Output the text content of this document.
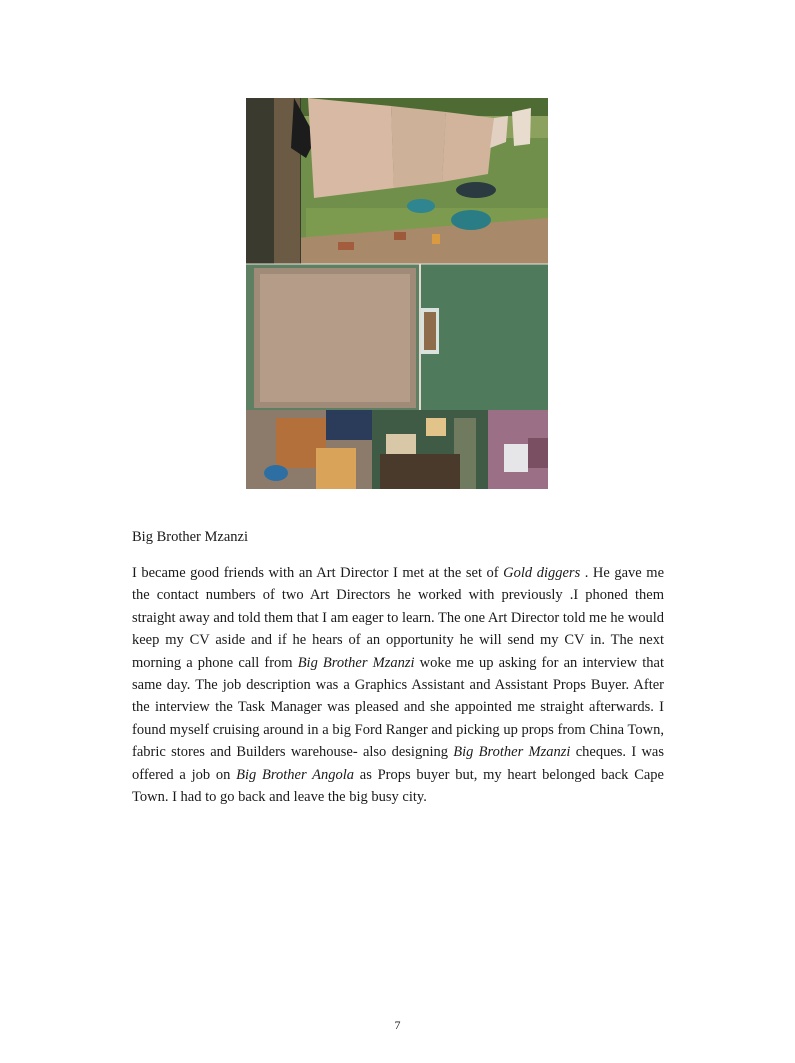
Big Brother Mzanzi

I became good friends with an Art Director I met at the set of Gold diggers . He gave me the contact numbers of two Art Directors he worked with previously .I phoned them straight away and told them that I am eager to learn. The one Art Director told me he would keep my CV aside and if he hears of an opportunity he will send my CV in. The next morning a phone call from Big Brother Mzanzi woke me up asking for an interview that same day. The job description was a Graphics Assistant and Assistant Props Buyer. After the interview the Task Manager was pleased and she appointed me straight afterwards. I found myself cruising around in a big Ford Ranger and picking up props from China Town, fabric stores and Builders warehouse- also designing Big Brother Mzanzi cheques. I was offered a job on Big Brother Angola as Props buyer but, my heart belonged back Cape Town. I had to go back and leave the big busy city.

7
